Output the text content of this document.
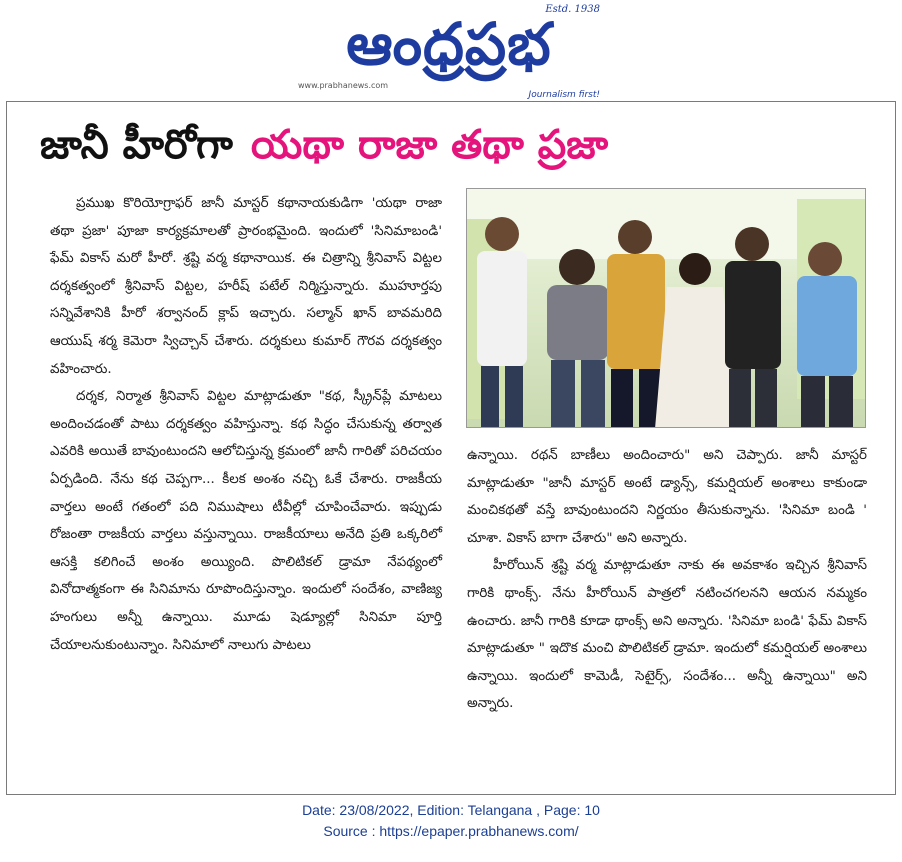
ఆంధ్రప్రభ
Estd. 1938
www.prabhanews.com
Journalism first!
జానీ హీరోగా యథా రాజా తథా ప్రజా

ప్రముఖ కొరియోగ్రాఫర్ జానీ మాస్టర్ కథానాయకుడిగా 'యథా రాజా తథా ప్రజా' పూజా కార్యక్రమాలతో ప్రారంభమైంది. ఇందులో 'సినిమాబండి' ఫేమ్ వికాస్ మరో హీరో. శ్రష్టి వర్మ కథానాయిక. ఈ చిత్రాన్ని శ్రీనివాస్ విట్టల దర్శకత్వంలో శ్రీనివాస్ విట్టల, హరీష్ పటేల్ నిర్మిస్తున్నారు. ముహూర్తపు సన్నివేశానికి హీరో శర్వానంద్ క్లాప్ ఇచ్చారు. సల్మాన్ ఖాన్ బావమరిది ఆయుష్ శర్మ కెమెరా స్విచ్చాన్ చేశారు. దర్శకులు కుమార్ గౌరవ దర్శకత్వం వహించారు.

దర్శక, నిర్మాత శ్రీనివాస్ విట్టల మాట్లాడుతూ "కథ, స్క్రీన్‌ప్లే మాటలు అందించడంతో పాటు దర్శకత్వం వహిస్తున్నా. కథ సిద్ధం చేసుకున్న తర్వాత ఎవరికి అయితే బావుంటుందని ఆలోచిస్తున్న క్రమంలో జానీ గారితో పరిచయం ఏర్పడింది. నేను కథ చెప్పగా... కీలక అంశం నచ్చి ఓకే చేశారు. రాజకీయ వార్తలు అంటే గతంలో పది నిముషాలు టీవీల్లో చూపించేవారు. ఇప్పుడు రోజంతా రాజకీయ వార్తలు వస్తున్నాయి. రాజకీయాలు అనేది ప్రతి ఒక్కరిలో ఆసక్తి కలిగించే అంశం అయ్యింది. పొలిటికల్ డ్రామా నేపథ్యంలో వినోదాత్మకంగా ఈ సినిమాను రూపొందిస్తున్నాం. ఇందులో సందేశం, వాణిజ్య హంగులు అన్నీ ఉన్నాయి. మూడు షెడ్యూల్లో సినిమా పూర్తి చేయాలనుకుంటున్నాం. సినిమాలో నాలుగు పాటలు

ఉన్నాయి. రథన్ బాణీలు అందించారు" అని చెప్పారు. జానీ మాస్టర్ మాట్లాడుతూ "జానీ మాస్టర్ అంటే డ్యాన్స్, కమర్షియల్ అంశాలు కాకుండా మంచికథతో వస్తే బావుంటుందని నిర్ణయం తీసుకున్నాను. 'సినిమా బండి ' చూశా. వికాస్ బాగా చేశారు" అని అన్నారు.

హీరోయిన్ శ్రష్టి వర్మ మాట్లాడుతూ నాకు ఈ అవకాశం ఇచ్చిన శ్రీనివాస్ గారికి థాంక్స్. నేను హీరోయిన్ పాత్రలో నటించగలనని ఆయన నమ్మకం ఉంచారు. జానీ గారికి కూడా థాంక్స్ అని అన్నారు. 'సినిమా బండి' ఫేమ్ వికాస్ మాట్లాడుతూ " ఇదొక మంచి పొలిటికల్ డ్రామా. ఇందులో కమర్షియల్ అంశాలు ఉన్నాయి. ఇందులో కామెడీ, సెటైర్స్, సందేశం... అన్నీ ఉన్నాయి" అని అన్నారు.

Date: 23/08/2022, Edition: Telangana , Page: 10
Source : https://epaper.prabhanews.com/
